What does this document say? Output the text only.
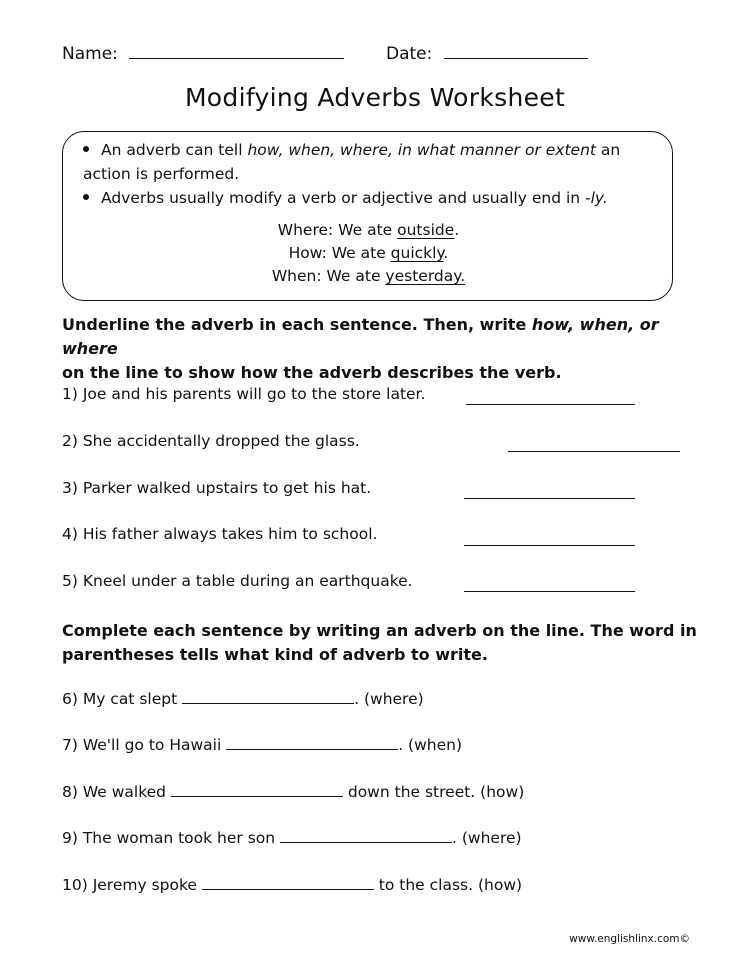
Name:	Date:
Modifying Adverbs Worksheet
An adverb can tell how, when, where, in what manner or extent an
action is performed.
Adverbs usually modify a verb or adjective and usually end in -ly.
Where: We ate outside.
How: We ate quickly.
When: We ate yesterday.
Underline the adverb in each sentence. Then, write how, when, or where
on the line to show how the adverb describes the verb.
1) Joe and his parents will go to the store later.
2) She accidentally dropped the glass.
3) Parker walked upstairs to get his hat.
4) His father always takes him to school.
5) Kneel under a table during an earthquake.
Complete each sentence by writing an adverb on the line. The word in
parentheses tells what kind of adverb to write.
6) My cat slept	. (where)
7) We'll go to Hawaii	. (when)
8) We walked	down the street. (how)
9) The woman took her son	. (where)
10) Jeremy spoke	to the class. (how)
www.englishlinx.com©
